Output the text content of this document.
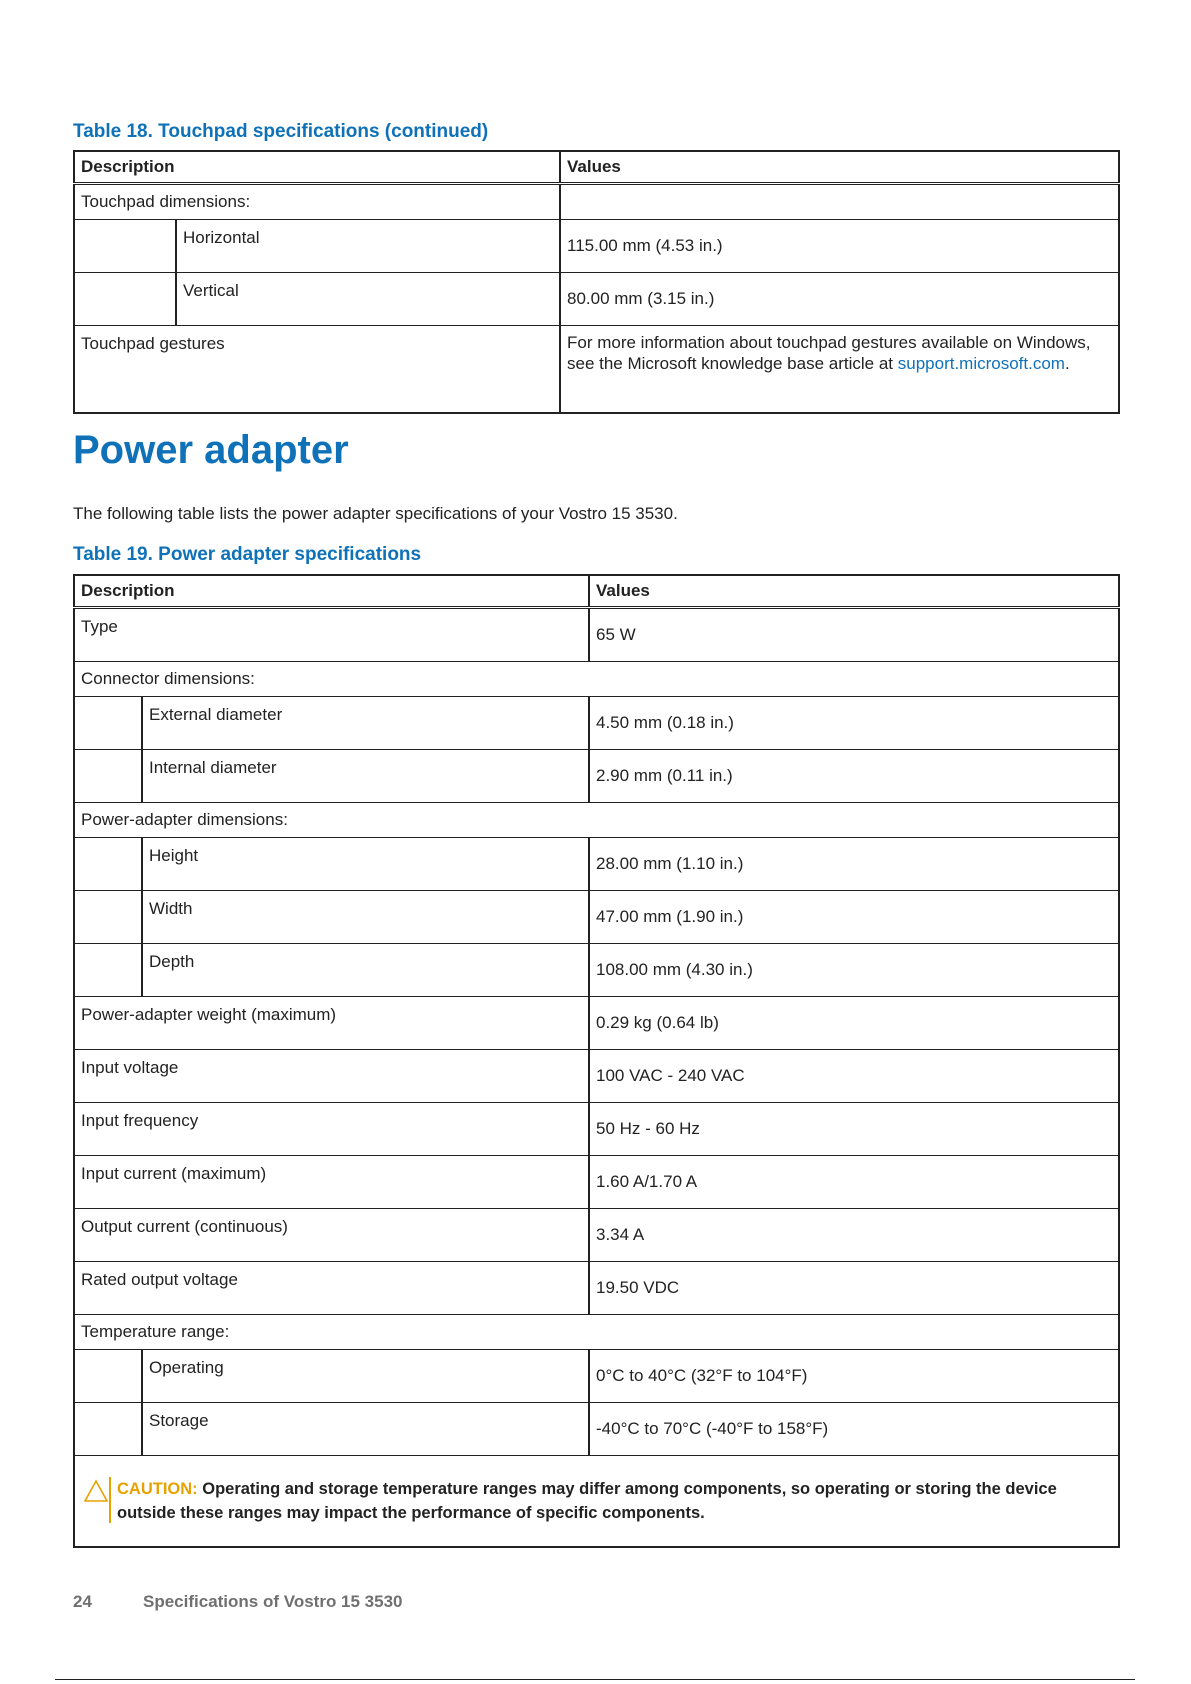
Table 18. Touchpad specifications (continued)

Description		Values
Touchpad dimensions:		
	Horizontal	115.00 mm (4.53 in.)
	Vertical	80.00 mm (3.15 in.)
Touchpad gestures		For more information about touchpad gestures available on Windows, see the Microsoft knowledge base article at support.microsoft.com.
Power adapter

The following table lists the power adapter specifications of your Vostro 15 3530.

Table 19. Power adapter specifications

Description		Values
Type		65 W
Connector dimensions:		
	External diameter	4.50 mm (0.18 in.)
	Internal diameter	2.90 mm (0.11 in.)
Power-adapter dimensions:		
	Height	28.00 mm (1.10 in.)
	Width	47.00 mm (1.90 in.)
	Depth	108.00 mm (4.30 in.)
Power-adapter weight (maximum)		0.29 kg (0.64 lb)
Input voltage		100 VAC - 240 VAC
Input frequency		50 Hz - 60 Hz
Input current (maximum)		1.60 A/1.70 A
Output current (continuous)		3.34 A
Rated output voltage		19.50 VDC
Temperature range:		
	Operating	0°C to 40°C (32°F to 104°F)
	Storage	-40°C to 70°C (-40°F to 158°F)

CAUTION: Operating and storage temperature ranges may differ among components, so operating or storing the device outside these ranges may impact the performance of specific components.		
24	Specifications of Vostro 15 3530
